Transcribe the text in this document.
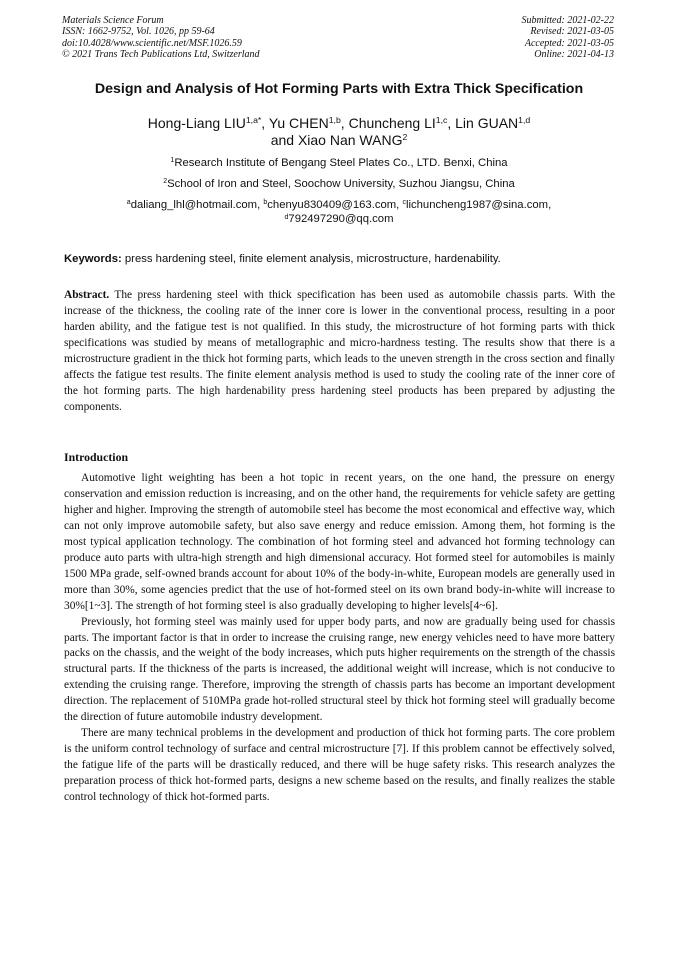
Materials Science Forum
ISSN: 1662-9752, Vol. 1026, pp 59-64
doi:10.4028/www.scientific.net/MSF.1026.59
© 2021 Trans Tech Publications Ltd, Switzerland
Submitted: 2021-02-22
Revised: 2021-03-05
Accepted: 2021-03-05
Online: 2021-04-13
Design and Analysis of Hot Forming Parts with Extra Thick Specification
Hong-Liang $LIU^{1,a*}$, Yu CHEN$^{1,b}$, Chuncheng LI$^{1,c}$, Lin GUAN$^{1,d}$
and Xiao Nan WANG$^2$
$^1$Research Institute of Bengang Steel Plates Co., LTD. Benxi, China
$^2$School of Iron and Steel, Soochow University, Suzhou Jiangsu, China
$^a$daliang_lhl@hotmail.com, $^b$chenyu830409@163.com, $^c$lichuncheng1987@sina.com,
$^d$792497290@qq.com
Keywords: press hardening steel, finite element analysis, microstructure, hardenability.

Abstract. The press hardening steel with thick specification has been used as automobile chassis parts. With the increase of the thickness, the cooling rate of the inner core is lower in the conventional process, resulting in a poor harden ability, and the fatigue test is not qualified. In this study, the microstructure of hot forming parts with thick specifications was studied by means of metallographic and micro-hardness testing. The results show that there is a microstructure gradient in the thick hot forming parts, which leads to the uneven strength in the cross section and finally affects the fatigue test results. The finite element analysis method is used to study the cooling rate of the inner core of the hot forming parts. The high hardenability press hardening steel products has been prepared by adjusting the components.

Introduction

Automotive light weighting has been a hot topic in recent years, on the one hand, the pressure on energy conservation and emission reduction is increasing, and on the other hand, the requirements for vehicle safety are getting higher and higher. Improving the strength of automobile steel has become the most economical and effective way, which can not only improve automobile safety, but also save energy and reduce emission. Among them, hot forming is the most typical application technology. The combination of hot forming steel and advanced hot forming technology can produce auto parts with ultra-high strength and high dimensional accuracy. Hot formed steel for automobiles is mainly 1500 MPa grade, self-owned brands account for about 10% of the body-in-white, European models are generally used in more than 30%, some agencies predict that the use of hot-formed steel on its own brand body-in-white will increase to 30%[1~3]. The strength of hot forming steel is also gradually developing to higher levels[4~6].

Previously, hot forming steel was mainly used for upper body parts, and now are gradually being used for chassis parts. The important factor is that in order to increase the cruising range, new energy vehicles need to have more battery packs on the chassis, and the weight of the body increases, which puts higher requirements on the strength of the chassis structural parts. If the thickness of the parts is increased, the additional weight will increase, which is not conducive to extending the cruising range. Therefore, improving the strength of chassis parts has become an important development direction. The replacement of 510MPa grade hot-rolled structural steel by thick hot forming steel will gradually become the direction of future automobile industry development.

There are many technical problems in the development and production of thick hot forming parts. The core problem is the uniform control technology of surface and central microstructure [7]. If this problem cannot be effectively solved, the fatigue life of the parts will be drastically reduced, and there will be huge safety risks. This research analyzes the preparation process of thick hot-formed parts, designs a new scheme based on the results, and finally realizes the stable control technology of thick hot-formed parts.
